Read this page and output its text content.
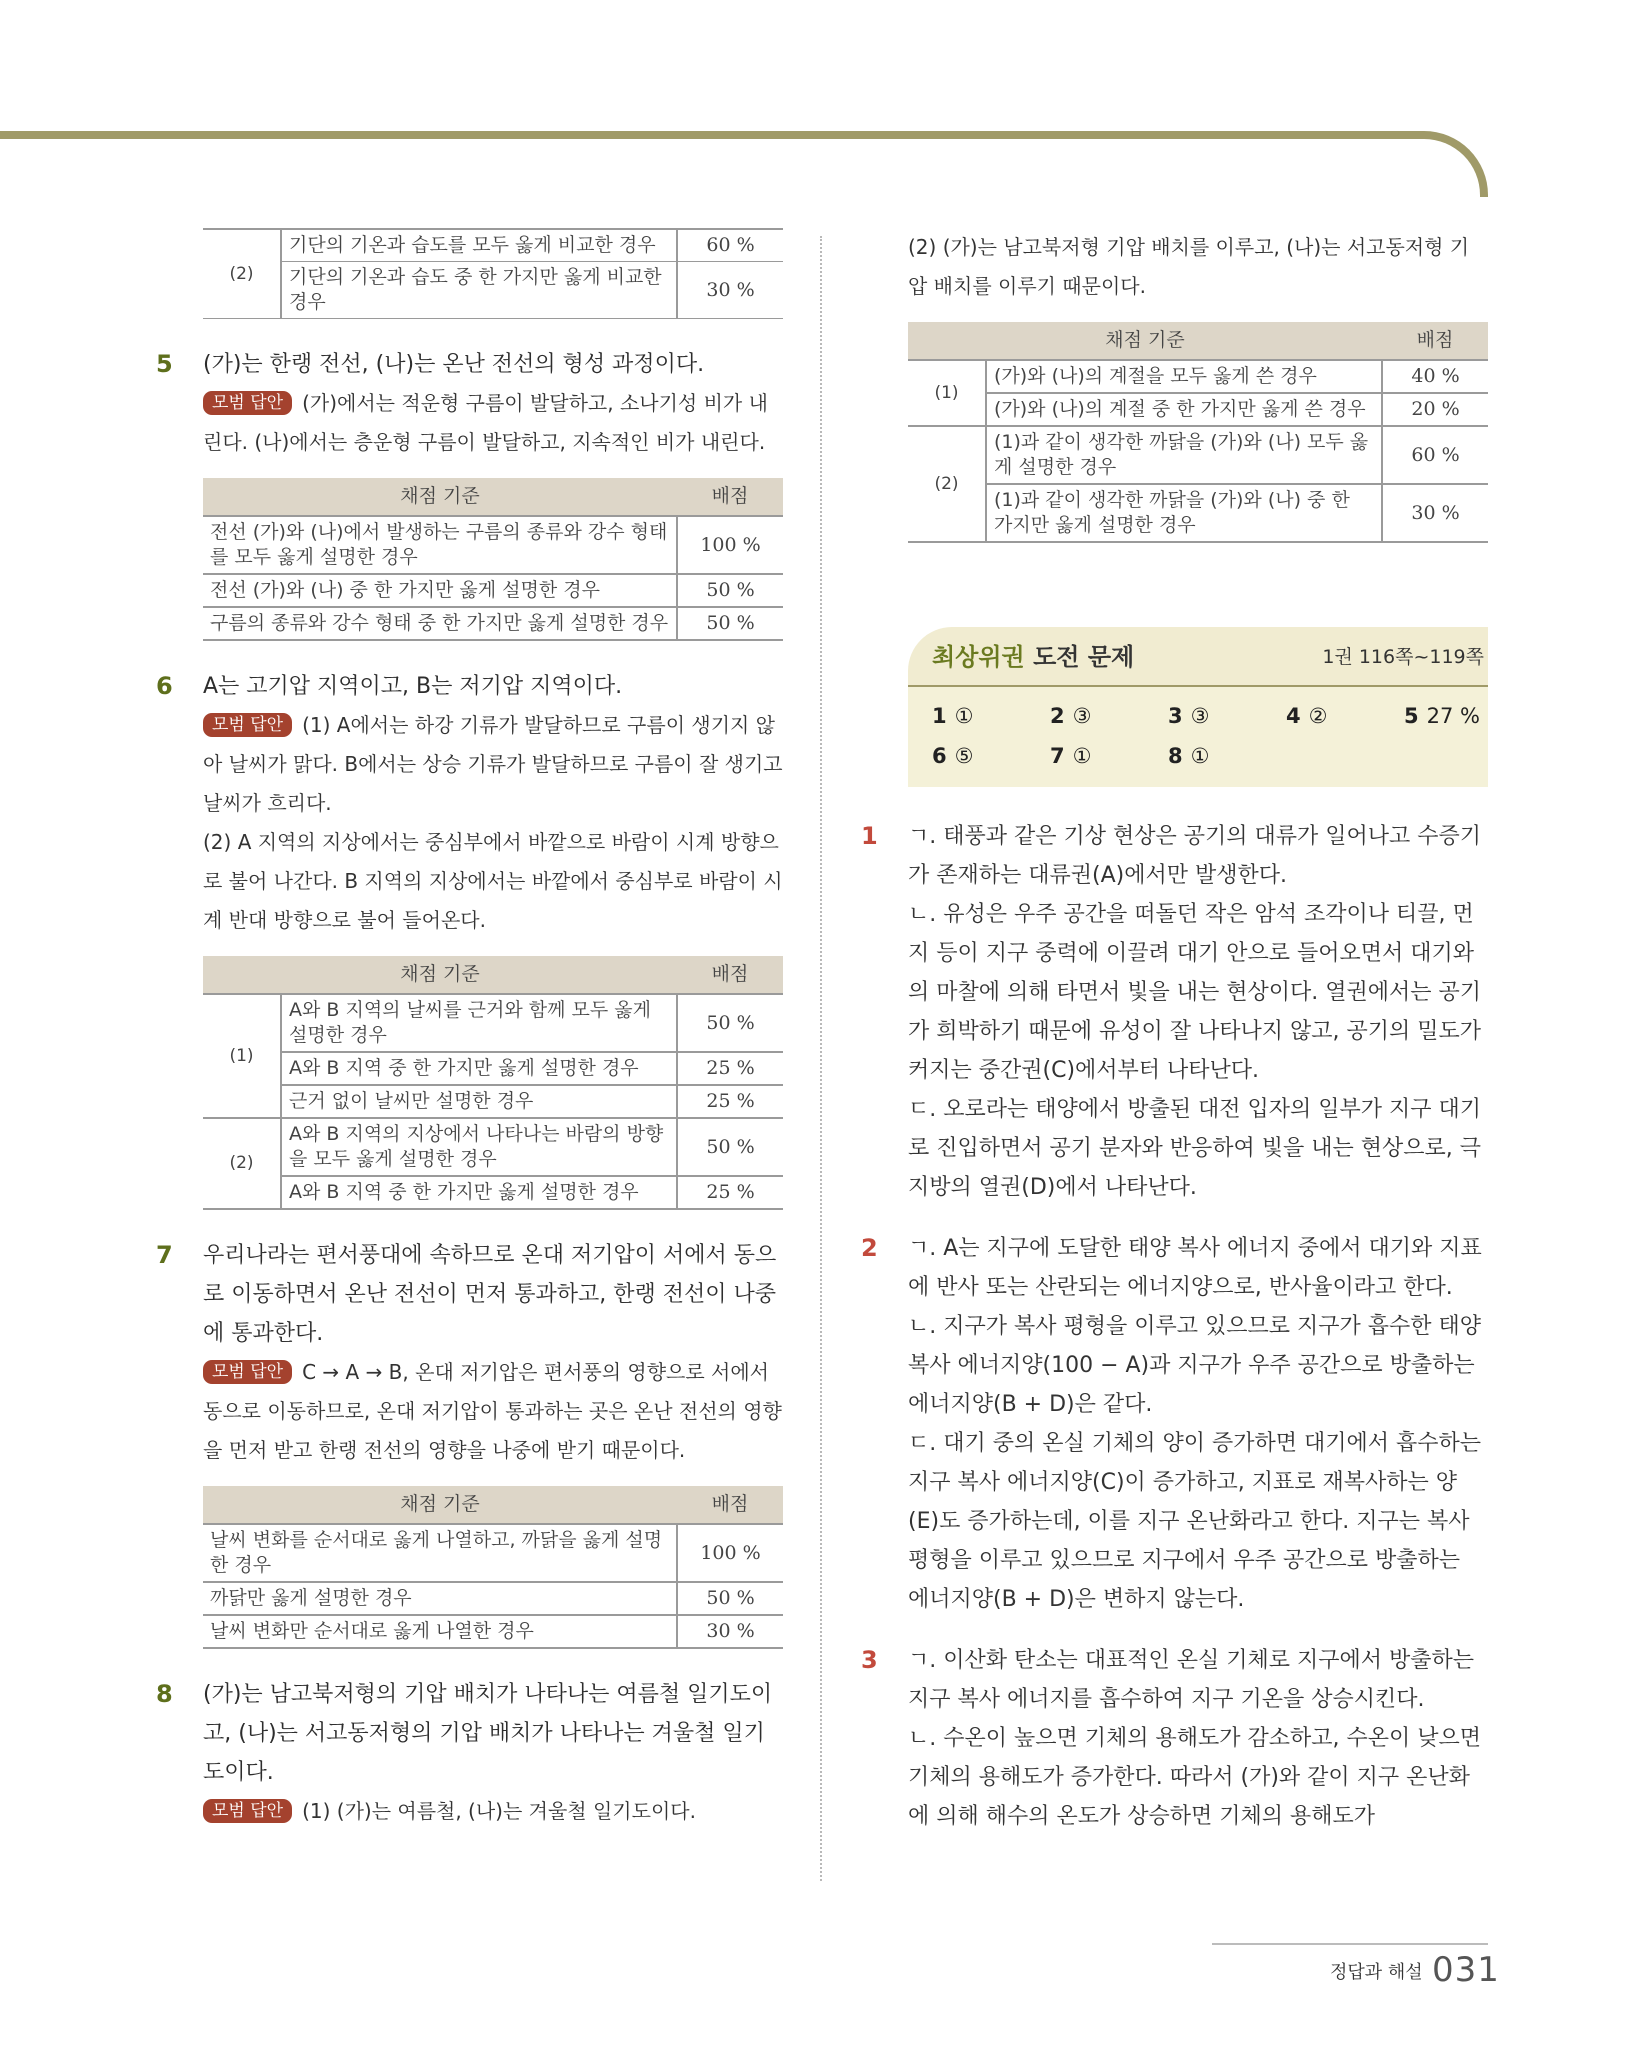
(2)	기단의 기온과 습도를 모두 옳게 비교한 경우	60 %
	기단의 기온과 습도 중 한 가지만 옳게 비교한 경우	30 %
5 (가)는 한랭 전선, (나)는 온난 전선의 형성 과정이다.
모범 답안 (가)에서는 적운형 구름이 발달하고, 소나기성 비가 내
린다. (나)에서는 층운형 구름이 발달하고, 지속적인 비가 내린다.
채점 기준	배점
전선 (가)와 (나)에서 발생하는 구름의 종류와 강수 형태를 모두 옳게 설명한 경우	100 %
전선 (가)와 (나) 중 한 가지만 옳게 설명한 경우	50 %
구름의 종류와 강수 형태 중 한 가지만 옳게 설명한 경우	50 %
6 A는 고기압 지역이고, B는 저기압 지역이다.
모범 답안 (1) A에서는 하강 기류가 발달하므로 구름이 생기지 않아 날씨가 맑다. B에서는 상승 기류가 발달하므로 구름이 잘 생기고 날씨가 흐리다.
(2) A 지역의 지상에서는 중심부에서 바깥으로 바람이 시계 방향으로 불어 나간다. B 지역의 지상에서는 바깥에서 중심부로 바람이 시계 반대 방향으로 불어 들어온다.
채점 기준		배점
(1)	A와 B 지역의 날씨를 근거와 함께 모두 옳게 설명한 경우	50 %
	A와 B 지역 중 한 가지만 옳게 설명한 경우	25 %
	근거 없이 날씨만 설명한 경우	25 %
(2)	A와 B 지역의 지상에서 나타나는 바람의 방향을 모두 옳게 설명한 경우	50 %
	A와 B 지역 중 한 가지만 옳게 설명한 경우	25 %
7 우리나라는 편서풍대에 속하므로 온대 저기압이 서에서 동으로 이동하면서 온난 전선이 먼저 통과하고, 한랭 전선이 나중에 통과한다.
모범 답안 C → A → B, 온대 저기압은 편서풍의 영향으로 서에서 동으로 이동하므로, 온대 저기압이 통과하는 곳은 온난 전선의 영향을 먼저 받고 한랭 전선의 영향을 나중에 받기 때문이다.
채점 기준	배점
날씨 변화를 순서대로 옳게 나열하고, 까닭을 옳게 설명한 경우	100 %
까닭만 옳게 설명한 경우	50 %
날씨 변화만 순서대로 옳게 나열한 경우	30 %
8 (가)는 남고북저형의 기압 배치가 나타나는 여름철 일기도이고, (나)는 서고동저형의 기압 배치가 나타나는 겨울철 일기도이다.
모범 답안 (1) (가)는 여름철, (나)는 겨울철 일기도이다.
(2) (가)는 남고북저형 기압 배치를 이루고, (나)는 서고동저형 기압 배치를 이루기 때문이다.
채점 기준		배점
(1)	(가)와 (나)의 계절을 모두 옳게 쓴 경우	40 %
	(가)와 (나)의 계절 중 한 가지만 옳게 쓴 경우	20 %
(2)	(1)과 같이 생각한 까닭을 (가)와 (나) 모두 옳게 설명한 경우	60 %
	(1)과 같이 생각한 까닭을 (가)와 (나) 중 한 가지만 옳게 설명한 경우	30 %
최상위권 도전 문제	1권 116쪽~119쪽
1 ①	2 ③	3 ③	4 ②	5 27 %
6 ⑤	7 ①	8 ①
1 ㄱ. 태풍과 같은 기상 현상은 공기의 대류가 일어나고 수증기가 존재하는 대류권(A)에서만 발생한다.

ㄴ. 유성은 우주 공간을 떠돌던 작은 암석 조각이나 티끌, 먼지 등이 지구 중력에 이끌려 대기 안으로 들어오면서 대기와의 마찰에 의해 타면서 빛을 내는 현상이다. 열권에서는 공기가 희박하기 때문에 유성이 잘 나타나지 않고, 공기의 밀도가 커지는 중간권(C)에서부터 나타난다.

ㄷ. 오로라는 태양에서 방출된 대전 입자의 일부가 지구 대기로 진입하면서 공기 분자와 반응하여 빛을 내는 현상으로, 극지방의 열권(D)에서 나타난다.

2 ㄱ. A는 지구에 도달한 태양 복사 에너지 중에서 대기와 지표에 반사 또는 산란되는 에너지양으로, 반사율이라고 한다.

ㄴ. 지구가 복사 평형을 이루고 있으므로 지구가 흡수한 태양 복사 에너지양(100 − A)과 지구가 우주 공간으로 방출하는 에너지양(B + D)은 같다.

ㄷ. 대기 중의 온실 기체의 양이 증가하면 대기에서 흡수하는 지구 복사 에너지양(C)이 증가하고, 지표로 재복사하는 양(E)도 증가하는데, 이를 지구 온난화라고 한다. 지구는 복사 평형을 이루고 있으므로 지구에서 우주 공간으로 방출하는 에너지양(B + D)은 변하지 않는다.

3 ㄱ. 이산화 탄소는 대표적인 온실 기체로 지구에서 방출하는 지구 복사 에너지를 흡수하여 지구 기온을 상승시킨다.

ㄴ. 수온이 높으면 기체의 용해도가 감소하고, 수온이 낮으면 기체의 용해도가 증가한다. 따라서 (가)와 같이 지구 온난화에 의해 해수의 온도가 상승하면 기체의 용해도가

정답과 해설 031
